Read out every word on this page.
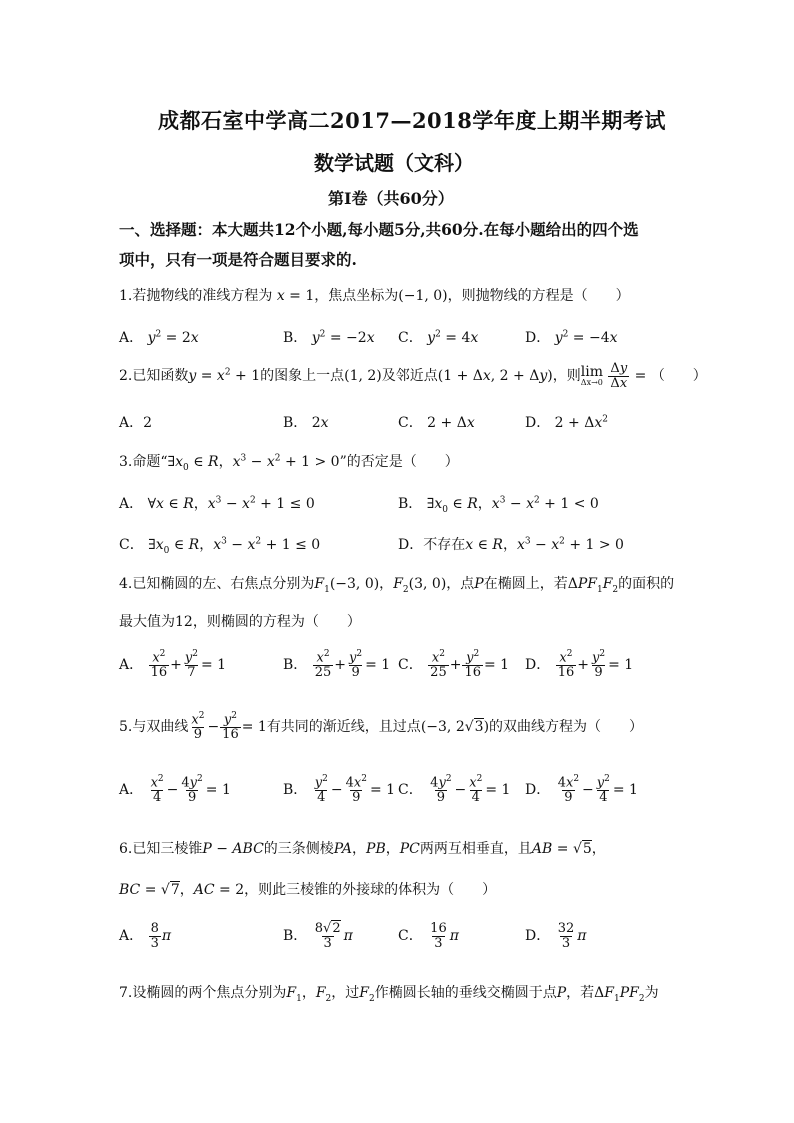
成都石室中学高二2017—2018学年度上期半期考试
数学试题（文科）
第Ⅰ卷（共60分）
一、选择题：本大题共12个小题,每小题5分,共60分.在每小题给出的四个选
项中，只有一项是符合题目要求的.
1.若抛物线的准线方程为 x = 1，焦点坐标为(−1, 0)，则抛物线的方程是（　　）
A． $y^2 = 2x$	B． $y^2 = -2x$ C． $y^2 = 4x$	D． $y^2 = -4x$
2.已知函数$y = x^2 + 1$的图象上一点(1, 2)及邻近点(1 + Δx, 2 + Δy)，则 lim
Δx→0
$\frac{\Delta y}{\Delta x}$ = （　　）
A．2	B． 2x	C． 2 + Δx	D． $2 + \Delta x^2$
3.命题“$\exists x_0$ ∈ R，$x^3 - x^2 + 1 > 0$”的否定是（　　）
A． ∀x ∈ R，$x^3 - x^2 + 1 \le 0$	B． $\exists x_0$ ∈ R，$x^3 - x^2 + 1 < 0$
C． $\exists x_0$ ∈ R，$x^3 - x^2 + 1 \le 0$	D．不存在x ∈ R，$x^3 - x^2 + 1 > 0$
4.已知椭圆的左、右焦点分别为$F_1(-3$, 0)，$F_2(3$, 0)，点P在椭圆上，若$\Delta PF_1F_2$的面积的
最大值为12，则椭圆的方程为（　　）
A． $\frac{x^2}{16} + \frac{y^2}{7} = 1$	B． $\frac{x^2}{25} + \frac{y^2}{9} = 1$ C． $\frac{x^2}{25} + \frac{y^2}{16} = 1$ D． $\frac{x^2}{16} + \frac{y^2}{9} = 1$
5.与双曲线 $\frac{x^2}{9} - \frac{y^2}{16} = 1$有共同的渐近线，且过点(−3, 2√3)的双曲线方程为（　　）
A． $\frac{x^2}{4} - \frac{4y^2}{9} = 1$	B． $\frac{y^2}{4} - \frac{4x^2}{9} = 1$ C． $\frac{4y^2}{9} - \frac{x^2}{4} = 1$ D． $\frac{4x^2}{9} - \frac{y^2}{4} = 1$
6.已知三棱锥P − ABC的三条侧棱PA，PB，PC两两互相垂直，且AB = √5，
BC = √7，AC = 2，则此三棱锥的外接球的体积为（　　）
A． $\frac{8}{3}$ π	B． $\frac{8√2}{3}$ π	C． $\frac{16}{3}$ π	D． $\frac{32}{3}$ π
7.设椭圆的两个焦点分别为$F_1$，$F_2$，过$F_2$作椭圆长轴的垂线交椭圆于点P，若$\Delta F_1PF_2$为
